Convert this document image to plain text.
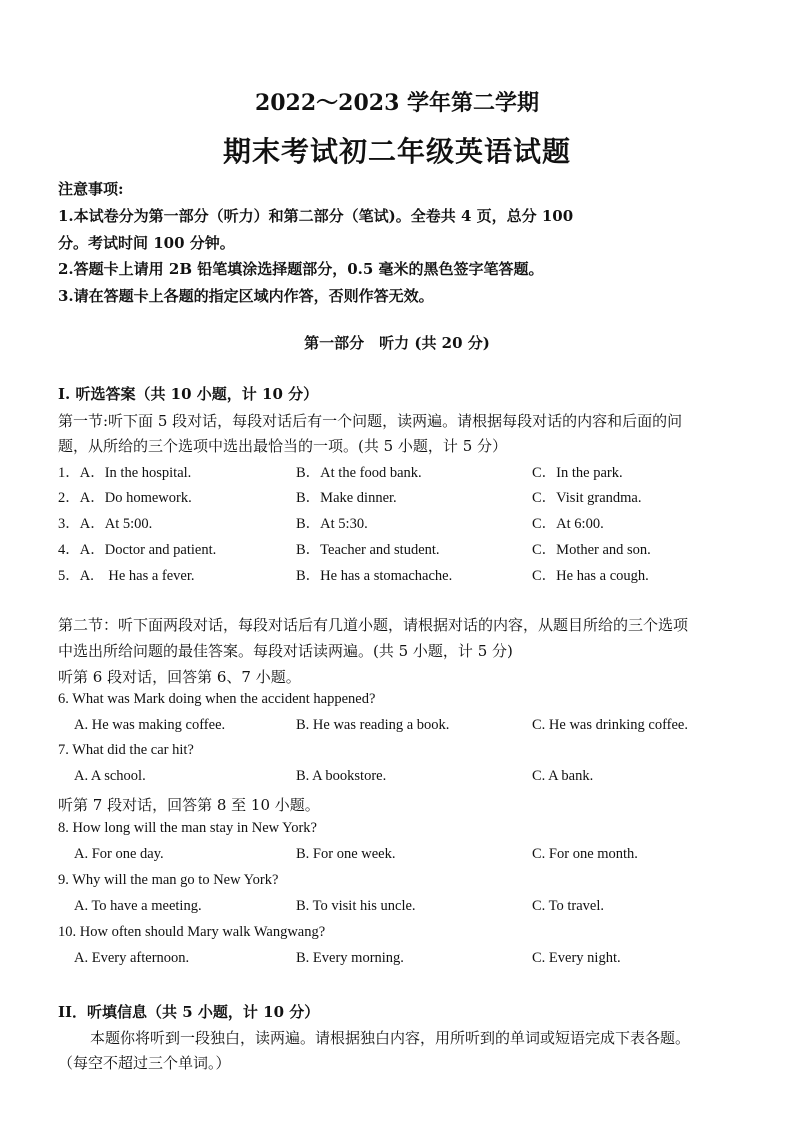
2022～2023 学年第二学期
期末考试初二年级英语试题
注意事项:
1.本试卷分为第一部分（听力）和第二部分（笔试)。全卷共 4 页，总分 100
分。考试时间 100 分钟。
2.答题卡上请用 2B 铅笔填涂选择题部分，0.5 毫米的黑色签字笔答题。
3.请在答题卡上各题的指定区域内作答，否则作答无效。
第一部分　听力 (共 20 分)
I. 听选答案（共 10 小题，计 10 分）
第一节:听下面 5 段对话，每段对话后有一个问题，读两遍。请根据每段对话的内容和后面的问
题，从所给的三个选项中选出最恰当的一项。(共 5 小题，计 5 分）
1．A．In the hospital.	B．At the food bank.	C．In the park.
2．A．Do homework.	B．Make dinner.	C．Visit grandma.
3．A．At 5:00.	B．At 5:30.	C．At 6:00.
4．A．Doctor and patient.	B．Teacher and student.	C．Mother and son.
5．A.　He has a fever.	B．He has a stomachache.	C．He has a cough.
第二节：听下面两段对话，每段对话后有几道小题，请根据对话的内容，从题目所给的三个选项
中选出所给问题的最佳答案。每段对话读两遍。(共 5 小题，计 5 分)
听第 6 段对话，回答第 6、7 小题。
6. What was Mark doing when the accident happened?
A. He was making coffee.	B. He was reading a book.	C. He was drinking coffee.
7. What did the car hit?
A. A school.	B. A bookstore.	C. A bank.
听第 7 段对话，回答第 8 至 10 小题。
8. How long will the man stay in New York?
A. For one day.	B. For one week.	C. For one month.
9. Why will the man go to New York?
A. To have a meeting.	B. To visit his uncle.	C. To travel.
10. How often should Mary walk Wangwang?
A. Every afternoon.	B. Every morning.	C. Every night.
II．听填信息（共 5 小题，计 10 分）
本题你将听到一段独白，读两遍。请根据独白内容，用所听到的单词或短语完成下表各题。
（每空不超过三个单词。）
